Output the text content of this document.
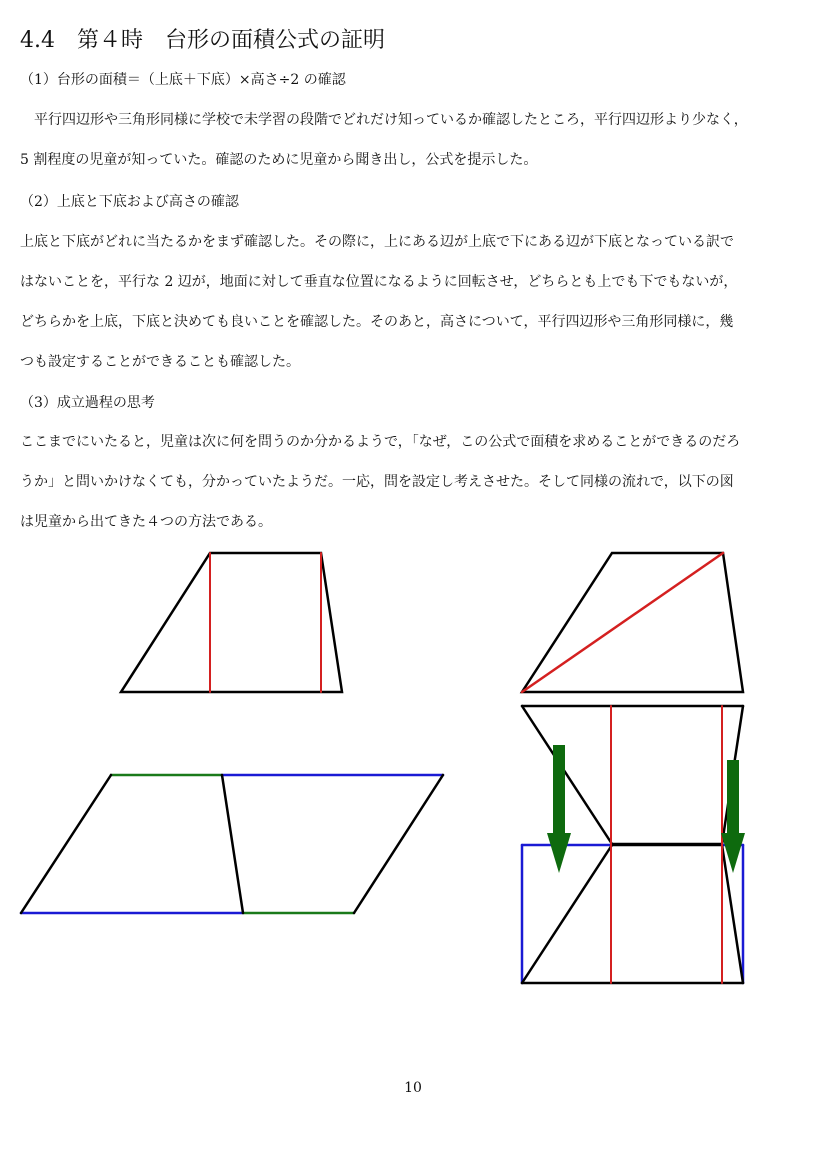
4.4　第４時　台形の面積公式の証明
（1）台形の面積＝（上底＋下底）×高さ÷2 の確認
平行四辺形や三角形同様に学校で未学習の段階でどれだけ知っているか確認したところ，平行四辺形より少なく，
5 割程度の児童が知っていた。確認のために児童から聞き出し，公式を提示した。
（2）上底と下底および高さの確認
上底と下底がどれに当たるかをまず確認した。その際に，上にある辺が上底で下にある辺が下底となっている訳で
はないことを，平行な 2 辺が，地面に対して垂直な位置になるように回転させ，どちらとも上でも下でもないが，
どちらかを上底，下底と決めても良いことを確認した。そのあと，高さについて，平行四辺形や三角形同様に，幾
つも設定することができることも確認した。
（3）成立過程の思考
ここまでにいたると，児童は次に何を問うのか分かるようで，「なぜ，この公式で面積を求めることができるのだろ
うか」と問いかけなくても，分かっていたようだ。一応，問を設定し考えさせた。そして同様の流れで，以下の図
は児童から出てきた４つの方法である。
10
